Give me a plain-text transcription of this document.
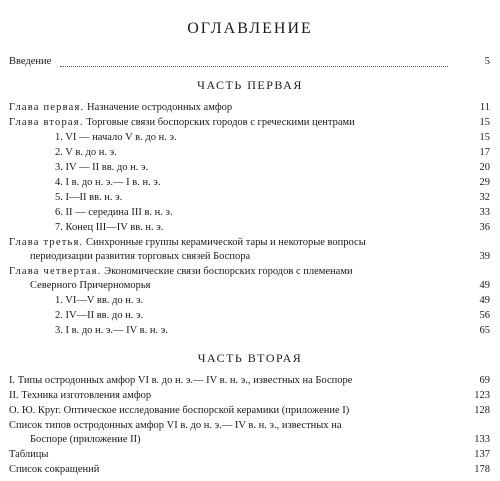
ОГЛАВЛЕНИЕ
Введение	5
ЧАСТЬ ПЕРВАЯ
Глава первая. Назначение остродонных амфор	11
Глава вторая. Торговые связи боспорских городов с греческими центрами	15
1. VI — начало V в. до н. э.	15
2. V в. до н. э.	17
3. IV — II вв. до н. э.	20
4. I в. до н. э.— I в. н. э.	29
5. I—II вв. н. э.	32
6. II — середина III в. н. э.	33
7. Конец III—IV вв. н. э.	36
Глава третья. Синхронные группы керамической тары и некоторые вопросы
периодизации развития торговых связей Боспора	39
Глава четвертая. Экономические связи боспорских городов с племенами
Северного Причерноморья	49
1. VI—V вв. до н. э.	49
2. IV—II вв. до н. э.	56
3. I в. до н. э.— IV в. н. э.	65
ЧАСТЬ ВТОРАЯ
I. Типы остродонных амфор VI в. до н. э.— IV в. н. э., известных на Боспоре	69
II. Техника изготовления амфор	123
О. Ю. Круг. Оптическое исследование боспорской керамики (приложение I)	128
Список типов остродонных амфор VI в. до н. э.— IV в. н. э., известных на
Боспоре (приложение II)	133
Таблицы	137
Список сокращений	178
